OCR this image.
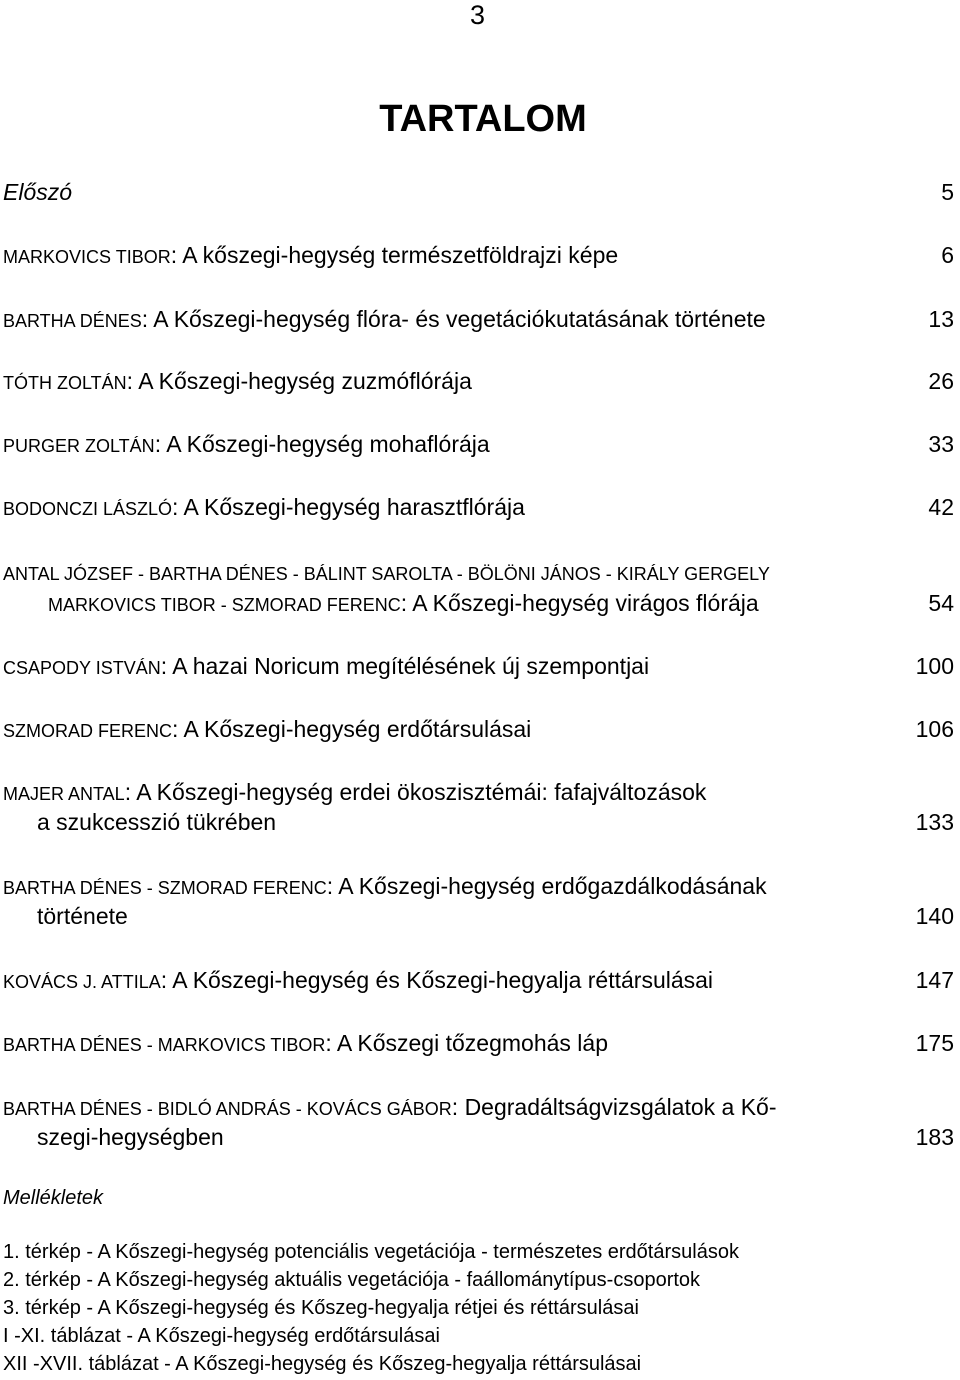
3
TARTALOM
Előszó	5
MARKOVICS TIBOR: A kőszegi-hegység természetföldrajzi képe	6
BARTHA DÉNES: A Kőszegi-hegység flóra- és vegetációkutatásának története	13
TÓTH ZOLTÁN: A Kőszegi-hegység zuzmóflórája	26
PURGER ZOLTÁN: A Kőszegi-hegység mohaflórája	33
BODONCZI LÁSZLÓ: A Kőszegi-hegység harasztflórája	42
ANTAL JÓZSEF - BARTHA DÉNES - BÁLINT SAROLTA - BÖLÖNI JÁNOS - KIRÁLY GERGELY
MARKOVICS TIBOR - SZMORAD FERENC: A Kőszegi-hegység virágos flórája	54
CSAPODY ISTVÁN: A hazai Noricum megítélésének új szempontjai	100
SZMORAD FERENC: A Kőszegi-hegység erdőtársulásai	106
MAJER ANTAL: A Kőszegi-hegység erdei ökoszisztémái: fafajváltozások
a szukcesszió tükrében	133
BARTHA DÉNES - SZMORAD FERENC: A Kőszegi-hegység erdőgazdálkodásának
története	140
KOVÁCS J. ATTILA: A Kőszegi-hegység és Kőszegi-hegyalja réttársulásai	147
BARTHA DÉNES - MARKOVICS TIBOR: A Kőszegi tőzegmohás láp	175
BARTHA DÉNES - BIDLÓ ANDRÁS - KOVÁCS GÁBOR: Degradáltságvizsgálatok a Kő-
szegi-hegységben	183
Mellékletek
1. térkép - A Kőszegi-hegység potenciális vegetációja - természetes erdőtársulások
2. térkép - A Kőszegi-hegység aktuális vegetációja - faállománytípus-csoportok
3. térkép - A Kőszegi-hegység és Kőszeg-hegyalja rétjei és réttársulásai
I -XI. táblázat - A Kőszegi-hegység erdőtársulásai
XII -XVII. táblázat - A Kőszegi-hegység és Kőszeg-hegyalja réttársulásai
